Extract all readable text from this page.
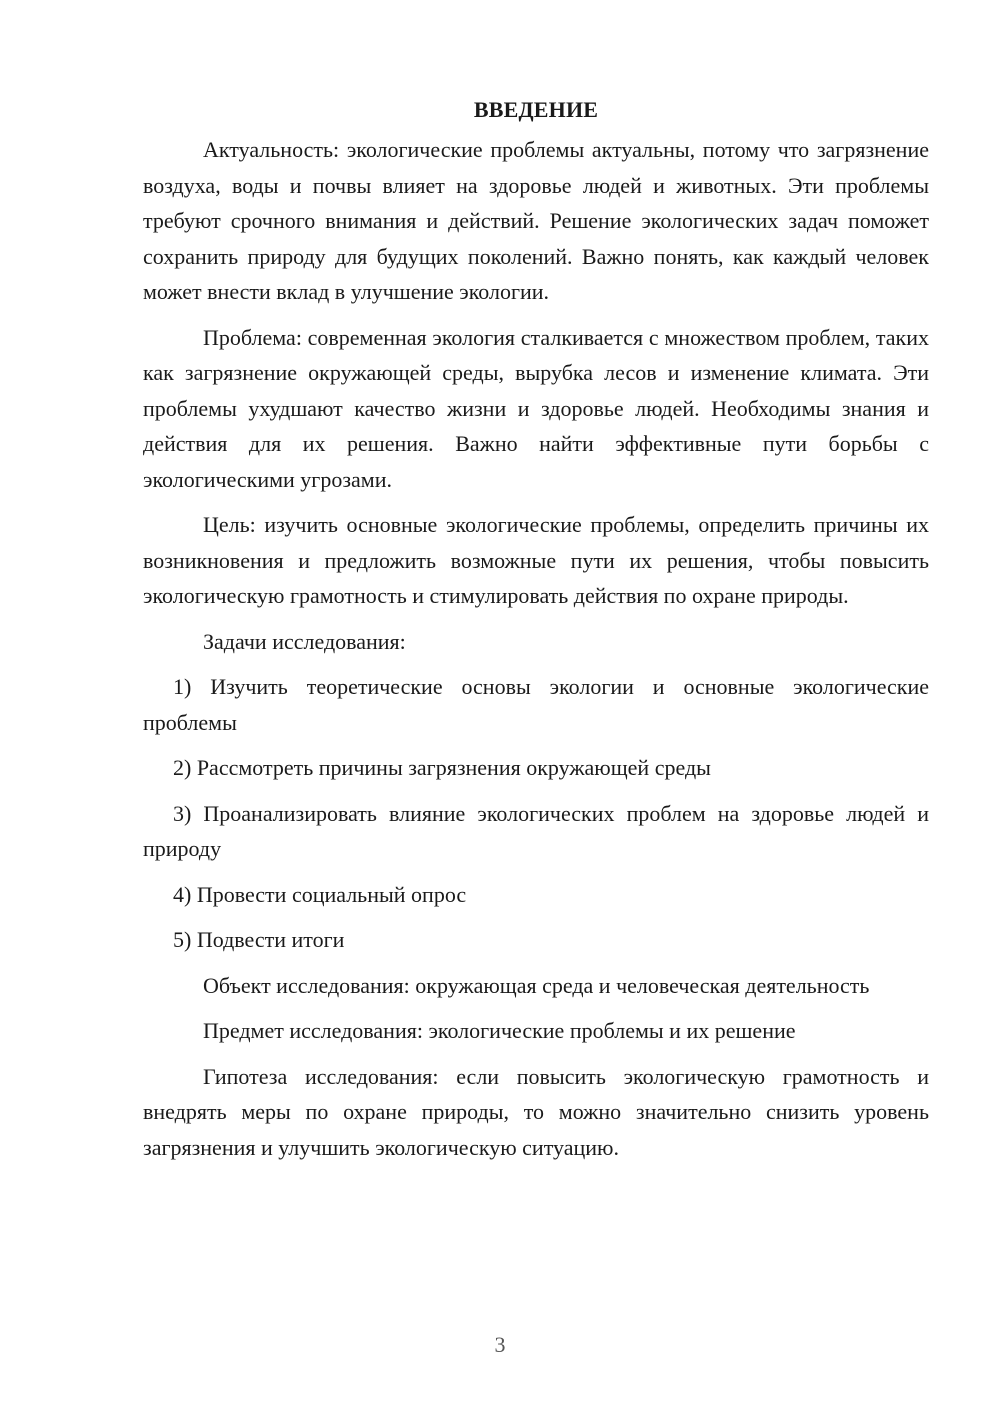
ВВЕДЕНИЕ

Актуальность: экологические проблемы актуальны, потому что загрязнение воздуха, воды и почвы влияет на здоровье людей и животных. Эти проблемы требуют срочного внимания и действий. Решение экологических задач поможет сохранить природу для будущих поколений. Важно понять, как каждый человек может внести вклад в улучшение экологии.

Проблема: современная экология сталкивается с множеством проблем, таких как загрязнение окружающей среды, вырубка лесов и изменение климата. Эти проблемы ухудшают качество жизни и здоровье людей. Необходимы знания и действия для их решения. Важно найти эффективные пути борьбы с экологическими угрозами.

Цель: изучить основные экологические проблемы, определить причины их возникновения и предложить возможные пути их решения, чтобы повысить экологическую грамотность и стимулировать действия по охране природы.

Задачи исследования:

1) Изучить теоретические основы экологии и основные экологические проблемы

2) Рассмотреть причины загрязнения окружающей среды

3) Проанализировать влияние экологических проблем на здоровье людей и природу

4) Провести социальный опрос

5) Подвести итоги

Объект исследования: окружающая среда и человеческая деятельность

Предмет исследования: экологические проблемы и их решение

Гипотеза исследования: если повысить экологическую грамотность и внедрять меры по охране природы, то можно значительно снизить уровень загрязнения и улучшить экологическую ситуацию.

3
